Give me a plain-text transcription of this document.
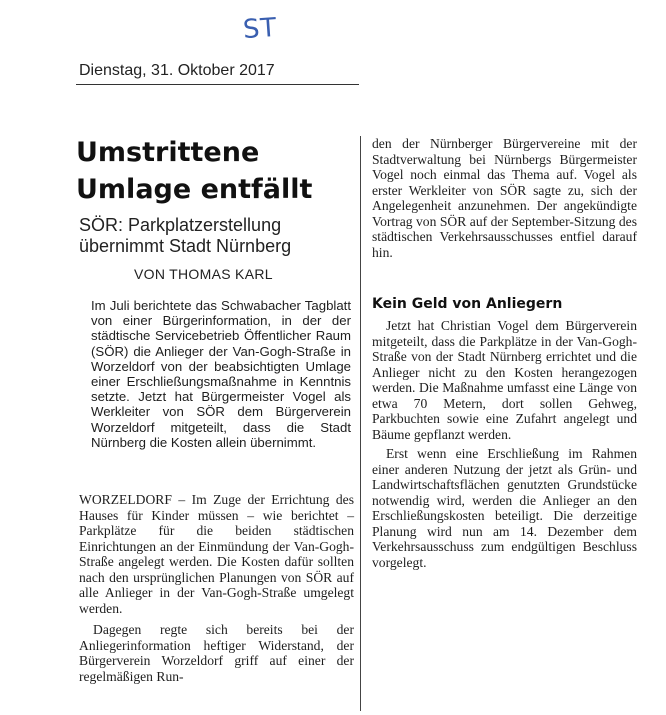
ST
Dienstag, 31. Oktober 2017
Umstrittene Umlage entfällt
SÖR: Parkplatzerstellung übernimmt Stadt Nürnberg
VON THOMAS KARL

Im Juli berichtete das Schwabacher Tagblatt von einer Bürgerinformation, in der der städtische Servicebetrieb Öffentlicher Raum (SÖR) die Anlieger der Van-Gogh-Straße in Worzeldorf von der beabsichtigten Umlage einer Erschließungsmaßnahme in Kenntnis setzte. Jetzt hat Bürgermeister Vogel als Werkleiter von SÖR dem Bürgerverein Worzeldorf mitgeteilt, dass die Stadt Nürnberg die Kosten allein übernimmt.

WORZELDORF – Im Zuge der Errichtung des Hauses für Kinder müssen – wie berichtet – Parkplätze für die beiden städtischen Einrichtungen an der Einmündung der Van-Gogh-Straße angelegt werden. Die Kosten dafür sollten nach den ursprünglichen Planungen von SÖR auf alle Anlieger in der Van-Gogh-Straße umgelegt werden.

Dagegen regte sich bereits bei der Anliegerinformation heftiger Widerstand, der Bürgerverein Worzeldorf griff auf einer der regelmäßigen Run-

den der Nürnberger Bürgervereine mit der Stadtverwaltung bei Nürnbergs Bürgermeister Vogel noch einmal das Thema auf. Vogel als erster Werkleiter von SÖR sagte zu, sich der Angelegenheit anzunehmen. Der angekündigte Vortrag von SÖR auf der September-Sitzung des städtischen Verkehrsausschusses entfiel darauf hin.

Kein Geld von Anliegern

Jetzt hat Christian Vogel dem Bürgerverein mitgeteilt, dass die Parkplätze in der Van-Gogh-Straße von der Stadt Nürnberg errichtet und die Anlieger nicht zu den Kosten herangezogen werden. Die Maßnahme umfasst eine Länge von etwa 70 Metern, dort sollen Gehweg, Parkbuchten sowie eine Zufahrt angelegt und Bäume gepflanzt werden.

Erst wenn eine Erschließung im Rahmen einer anderen Nutzung der jetzt als Grün- und Landwirtschaftsflächen genutzten Grundstücke notwendig wird, werden die Anlieger an den Erschließungskosten beteiligt. Die derzeitige Planung wird nun am 14. Dezember dem Verkehrsausschuss zum endgültigen Beschluss vorgelegt.
